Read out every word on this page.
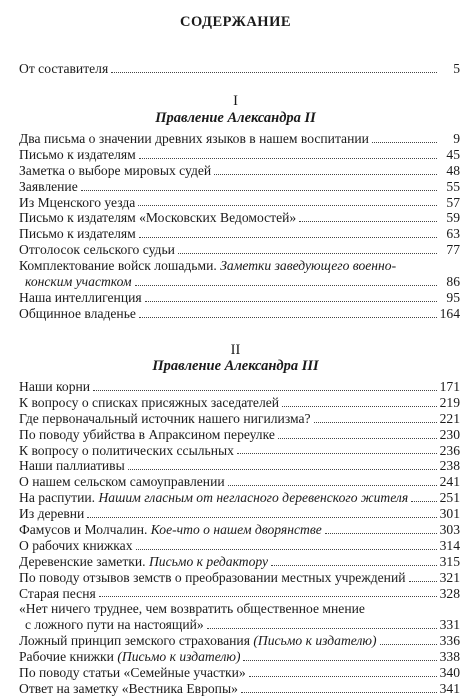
СОДЕРЖАНИЕ
От составителя	5
I
Правление Александра II
Два письма о значении древних языков в нашем воспитании	9
Письмо к издателям	45
Заметка о выборе мировых судей	48
Заявление	55
Из Мценского уезда	57
Письмо к издателям «Московских Ведомостей»	59
Письмо к издателям	63
Отголосок сельского судьи	77
Комплектование войск лошадьми. Заметки заведующего военно-
конским участком	86
Наша интеллигенция	95
Общинное владенье	164
II
Правление Александра III
Наши корни	171
К вопросу о списках присяжных заседателей	219
Где первоначальный источник нашего нигилизма?	221
По поводу убийства в Апраксином переулке	230
К вопросу о политических ссыльных	236
Наши паллиативы	238
О нашем сельском самоуправлении	241
На распутии. Нашим гласным от негласного деревенского жителя 251
Из деревни	301
Фамусов и Молчалин. Кое-что о нашем дворянстве	303
О рабочих книжках	314
Деревенские заметки. Письмо к редактору	315
По поводу отзывов земств о преобразовании местных учреждений	321
Старая песня	328
«Нет ничего труднее, чем возвратить общественное мнение
с ложного пути на настоящий»	331
Ложный принцип земского страхования (Письмо к издателю)	336
Рабочие книжки (Письмо к издателю)	338
По поводу статьи «Семейные участки»	340
Ответ на заметку «Вестника Европы»	341
